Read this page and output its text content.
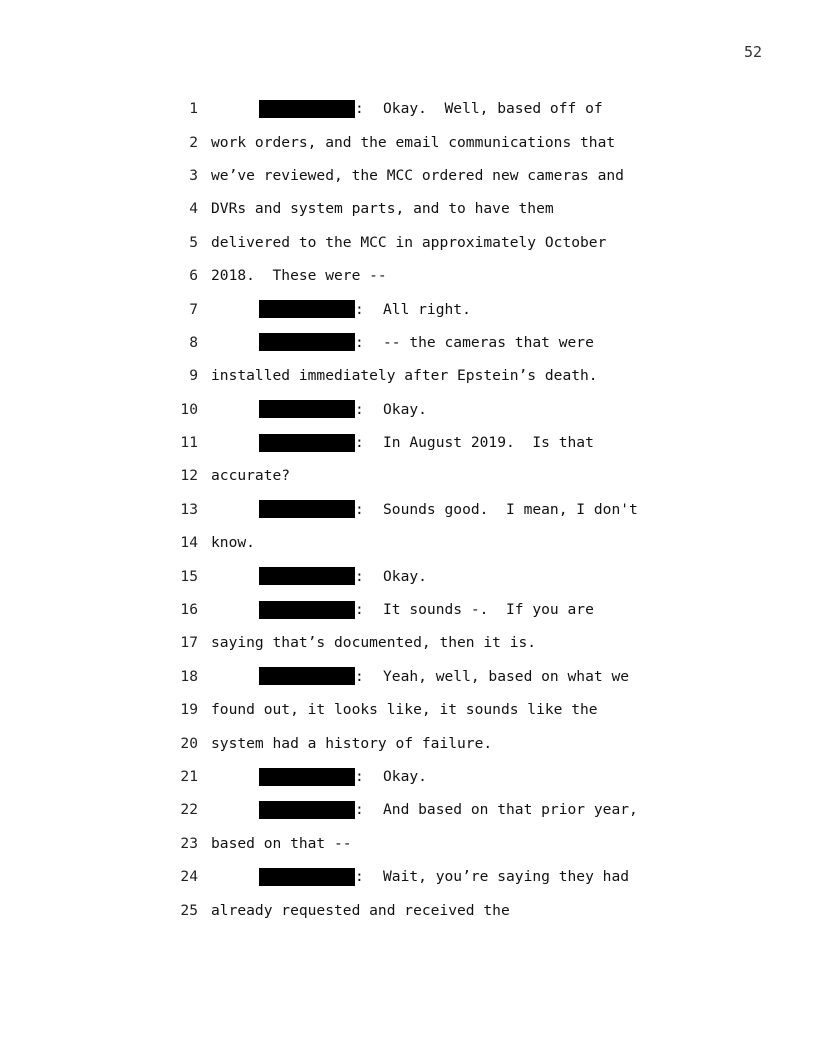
52
1	:	Okay.  Well, based off of
2 work orders, and the email communications that
3 we’ve reviewed, the MCC ordered new cameras and
4 DVRs and system parts, and to have them
5 delivered to the MCC in approximately October
6 2018.  These were --
7	:	All right.
8	:	-- the cameras that were
9 installed immediately after Epstein’s death.
10	:	Okay.
11	:	In August 2019.  Is that
12 accurate?
13	:	Sounds good.  I mean, I don't
14 know.
15	:	Okay.
16	:	It sounds -.  If you are
17 saying that’s documented, then it is.
18	:	Yeah, well, based on what we
19 found out, it looks like, it sounds like the
20 system had a history of failure.
21	:	Okay.
22	:	And based on that prior year,
23 based on that --
24	:	Wait, you’re saying they had
25 already requested and received the
